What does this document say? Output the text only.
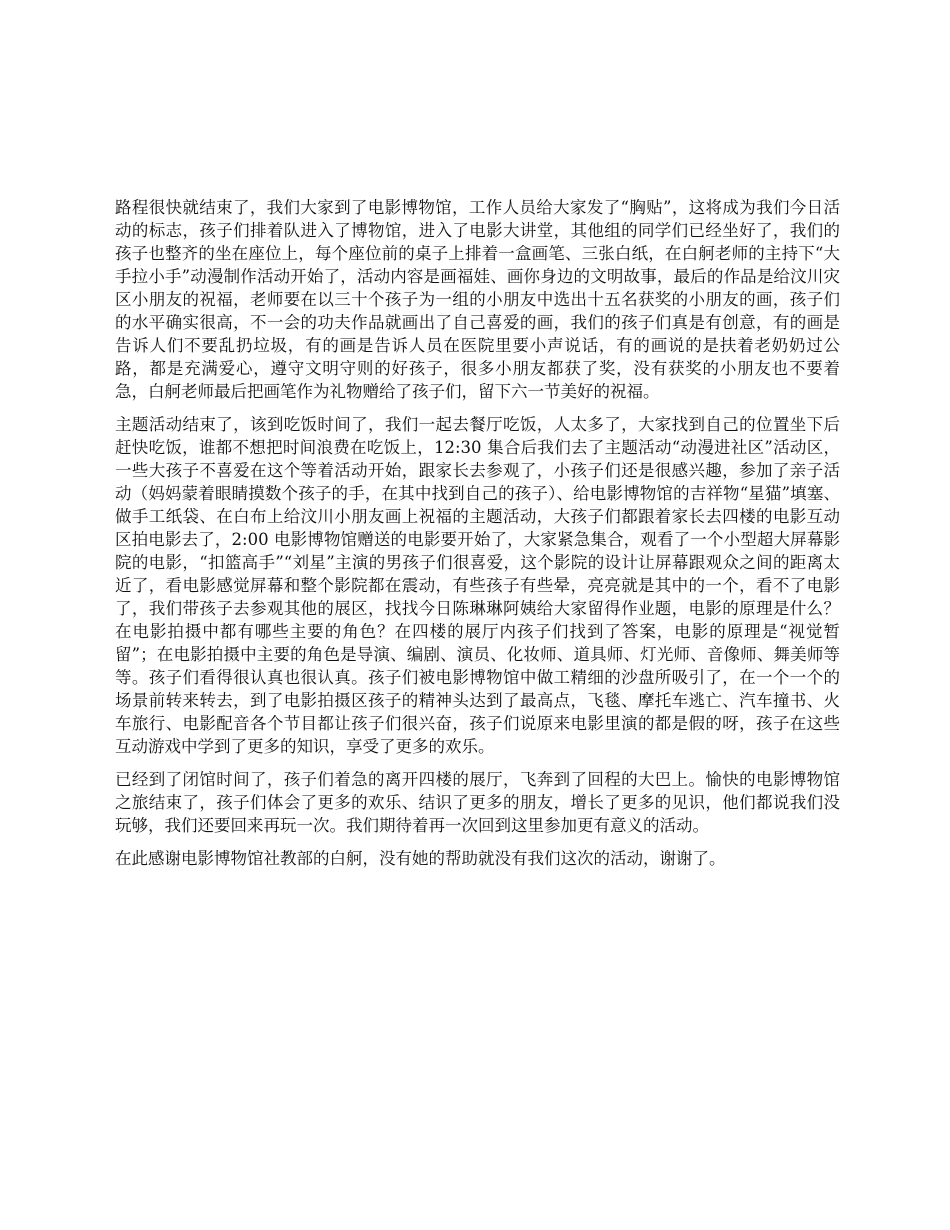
路程很快就结束了，我们大家到了电影博物馆，工作人员给大家发了“胸贴”，这将成为我们今日活动的标志，孩子们排着队进入了博物馆，进入了电影大讲堂，其他组的同学们已经坐好了，我们的孩子也整齐的坐在座位上，每个座位前的桌子上排着一盒画笔、三张白纸，在白舸老师的主持下“大手拉小手”动漫制作活动开始了，活动内容是画福娃、画你身边的文明故事，最后的作品是给汶川灾区小朋友的祝福，老师要在以三十个孩子为一组的小朋友中选出十五名获奖的小朋友的画，孩子们的水平确实很高，不一会的功夫作品就画出了自己喜爱的画，我们的孩子们真是有创意，有的画是告诉人们不要乱扔垃圾，有的画是告诉人员在医院里要小声说话，有的画说的是扶着老奶奶过公路，都是充满爱心，遵守文明守则的好孩子，很多小朋友都获了奖，没有获奖的小朋友也不要着急，白舸老师最后把画笔作为礼物赠给了孩子们，留下六一节美好的祝福。

主题活动结束了，该到吃饭时间了，我们一起去餐厅吃饭，人太多了，大家找到自己的位置坐下后赶快吃饭，谁都不想把时间浪费在吃饭上，12:30 集合后我们去了主题活动“动漫进社区”活动区，一些大孩子不喜爱在这个等着活动开始，跟家长去参观了，小孩子们还是很感兴趣，参加了亲子活动（妈妈蒙着眼睛摸数个孩子的手，在其中找到自己的孩子）、给电影博物馆的吉祥物“星猫”填塞、做手工纸袋、在白布上给汶川小朋友画上祝福的主题活动，大孩子们都跟着家长去四楼的电影互动区拍电影去了，2:00 电影博物馆赠送的电影要开始了，大家紧急集合，观看了一个小型超大屏幕影院的电影，“扣篮高手”“刘星”主演的男孩子们很喜爱，这个影院的设计让屏幕跟观众之间的距离太近了，看电影感觉屏幕和整个影院都在震动，有些孩子有些晕，亮亮就是其中的一个，看不了电影了，我们带孩子去参观其他的展区，找找今日陈琳琳阿姨给大家留得作业题，电影的原理是什么？在电影拍摄中都有哪些主要的角色？在四楼的展厅内孩子们找到了答案，电影的原理是“视觉暂留”；在电影拍摄中主要的角色是导演、编剧、演员、化妆师、道具师、灯光师、音像师、舞美师等等。孩子们看得很认真也很认真。孩子们被电影博物馆中做工精细的沙盘所吸引了，在一个一个的场景前转来转去，到了电影拍摄区孩子的精神头达到了最高点，飞毯、摩托车逃亡、汽车撞书、火车旅行、电影配音各个节目都让孩子们很兴奋，孩子们说原来电影里演的都是假的呀，孩子在这些互动游戏中学到了更多的知识，享受了更多的欢乐。

已经到了闭馆时间了，孩子们着急的离开四楼的展厅，飞奔到了回程的大巴上。愉快的电影博物馆之旅结束了，孩子们体会了更多的欢乐、结识了更多的朋友，增长了更多的见识，他们都说我们没玩够，我们还要回来再玩一次。我们期待着再一次回到这里参加更有意义的活动。

在此感谢电影博物馆社教部的白舸，没有她的帮助就没有我们这次的活动，谢谢了。
